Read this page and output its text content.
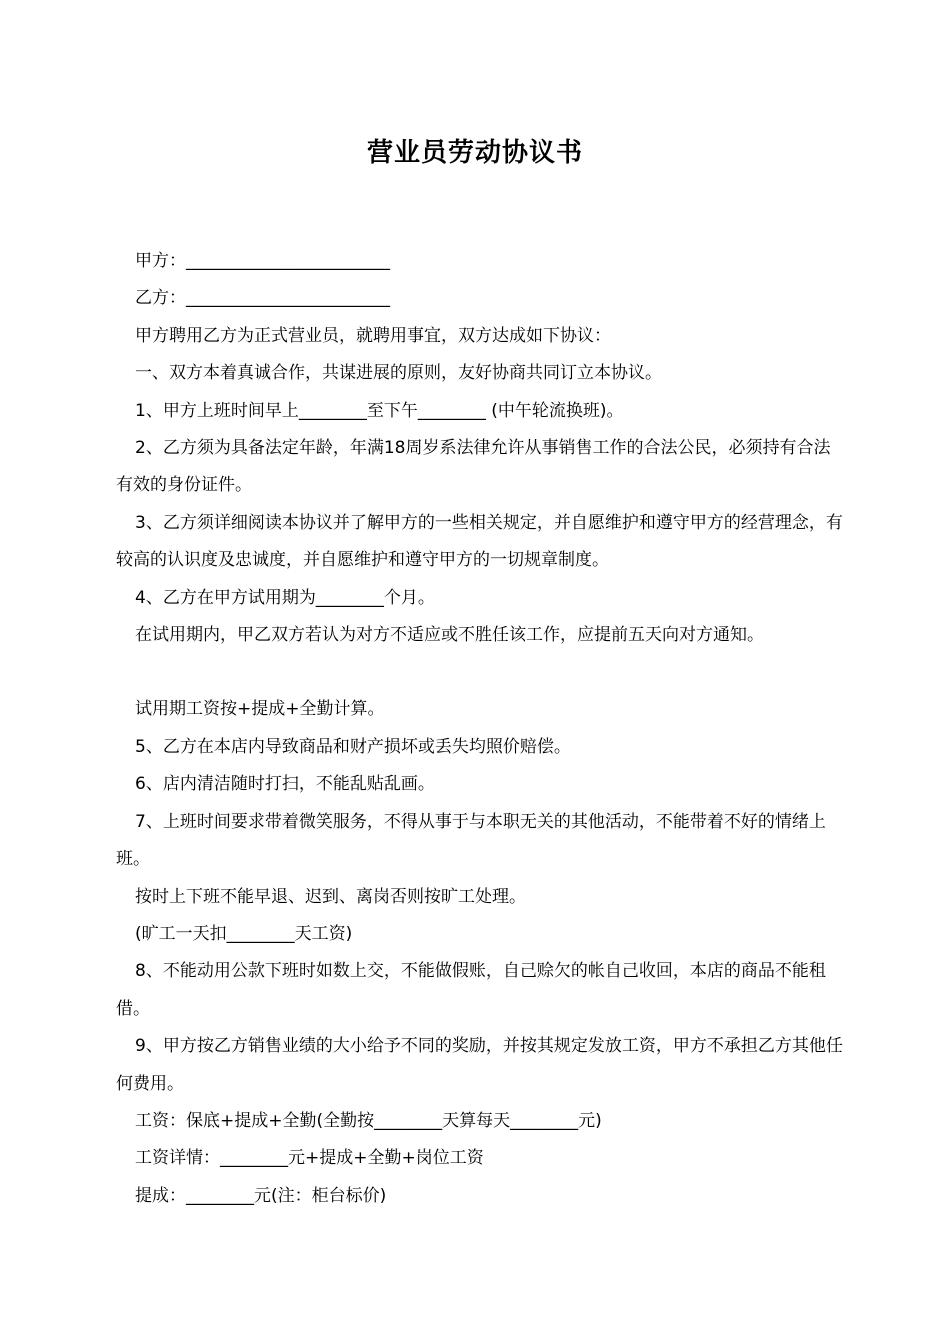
营业员劳动协议书

甲方：________________________

乙方：________________________

甲方聘用乙方为正式营业员，就聘用事宜，双方达成如下协议：

一、双方本着真诚合作，共谋进展的原则，友好协商共同订立本协议。

1、甲方上班时间早上________至下午________ (中午轮流换班)。

2、乙方须为具备法定年龄，年满18周岁系法律允许从事销售工作的合法公民，必须持有合法有效的身份证件。

3、乙方须详细阅读本协议并了解甲方的一些相关规定，并自愿维护和遵守甲方的经营理念，有较高的认识度及忠诚度，并自愿维护和遵守甲方的一切规章制度。

4、乙方在甲方试用期为________个月。

在试用期内，甲乙双方若认为对方不适应或不胜任该工作，应提前五天向对方通知。

试用期工资按+提成+全勤计算。

5、乙方在本店内导致商品和财产损坏或丢失均照价赔偿。

6、店内清洁随时打扫，不能乱贴乱画。

7、上班时间要求带着微笑服务，不得从事于与本职无关的其他活动，不能带着不好的情绪上班。

按时上下班不能早退、迟到、离岗否则按旷工处理。

(旷工一天扣________天工资)

8、不能动用公款下班时如数上交，不能做假账，自己赊欠的帐自己收回，本店的商品不能租借。

9、甲方按乙方销售业绩的大小给予不同的奖励，并按其规定发放工资，甲方不承担乙方其他任何费用。

工资：保底+提成+全勤(全勤按________天算每天________元)

工资详情：________元+提成+全勤+岗位工资

提成：________元(注：柜台标价)
